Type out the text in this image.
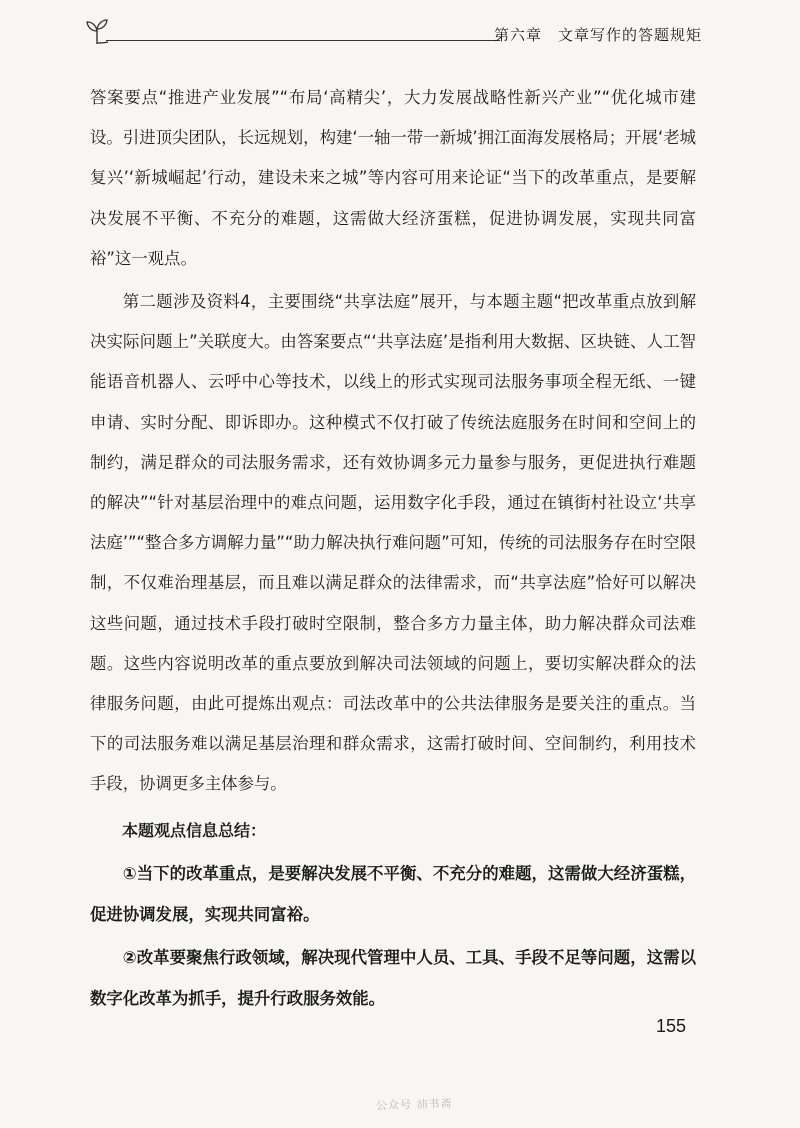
第六章 文章写作的答题规矩

答案要点“推进产业发展”“布局‘高精尖’，大力发展战略性新兴产业”“优化城市建设。引进顶尖团队，长远规划，构建‘一轴一带一新城’拥江面海发展格局；开展‘老城复兴’‘新城崛起’行动，建设未来之城”等内容可用来论证“当下的改革重点，是要解决发展不平衡、不充分的难题，这需做大经济蛋糕，促进协调发展，实现共同富裕”这一观点。

第二题涉及资料4，主要围绕“共享法庭”展开，与本题主题“把改革重点放到解决实际问题上”关联度大。由答案要点“‘共享法庭’是指利用大数据、区块链、人工智能语音机器人、云呼中心等技术，以线上的形式实现司法服务事项全程无纸、一键申请、实时分配、即诉即办。这种模式不仅打破了传统法庭服务在时间和空间上的制约，满足群众的司法服务需求，还有效协调多元力量参与服务，更促进执行难题的解决”“针对基层治理中的难点问题，运用数字化手段，通过在镇街村社设立‘共享法庭’”“整合多方调解力量”“助力解决执行难问题”可知，传统的司法服务存在时空限制，不仅难治理基层，而且难以满足群众的法律需求，而“共享法庭”恰好可以解决这些问题，通过技术手段打破时空限制，整合多方力量主体，助力解决群众司法难题。这些内容说明改革的重点要放到解决司法领域的问题上，要切实解决群众的法律服务问题，由此可提炼出观点：司法改革中的公共法律服务是要关注的重点。当下的司法服务难以满足基层治理和群众需求，这需打破时间、空间制约，利用技术手段，协调更多主体参与。

本题观点信息总结：

①当下的改革重点，是要解决发展不平衡、不充分的难题，这需做大经济蛋糕，促进协调发展，实现共同富裕。

②改革要聚焦行政领域，解决现代管理中人员、工具、手段不足等问题，这需以数字化改革为抓手，提升行政服务效能。

155
公众号 油书斋
